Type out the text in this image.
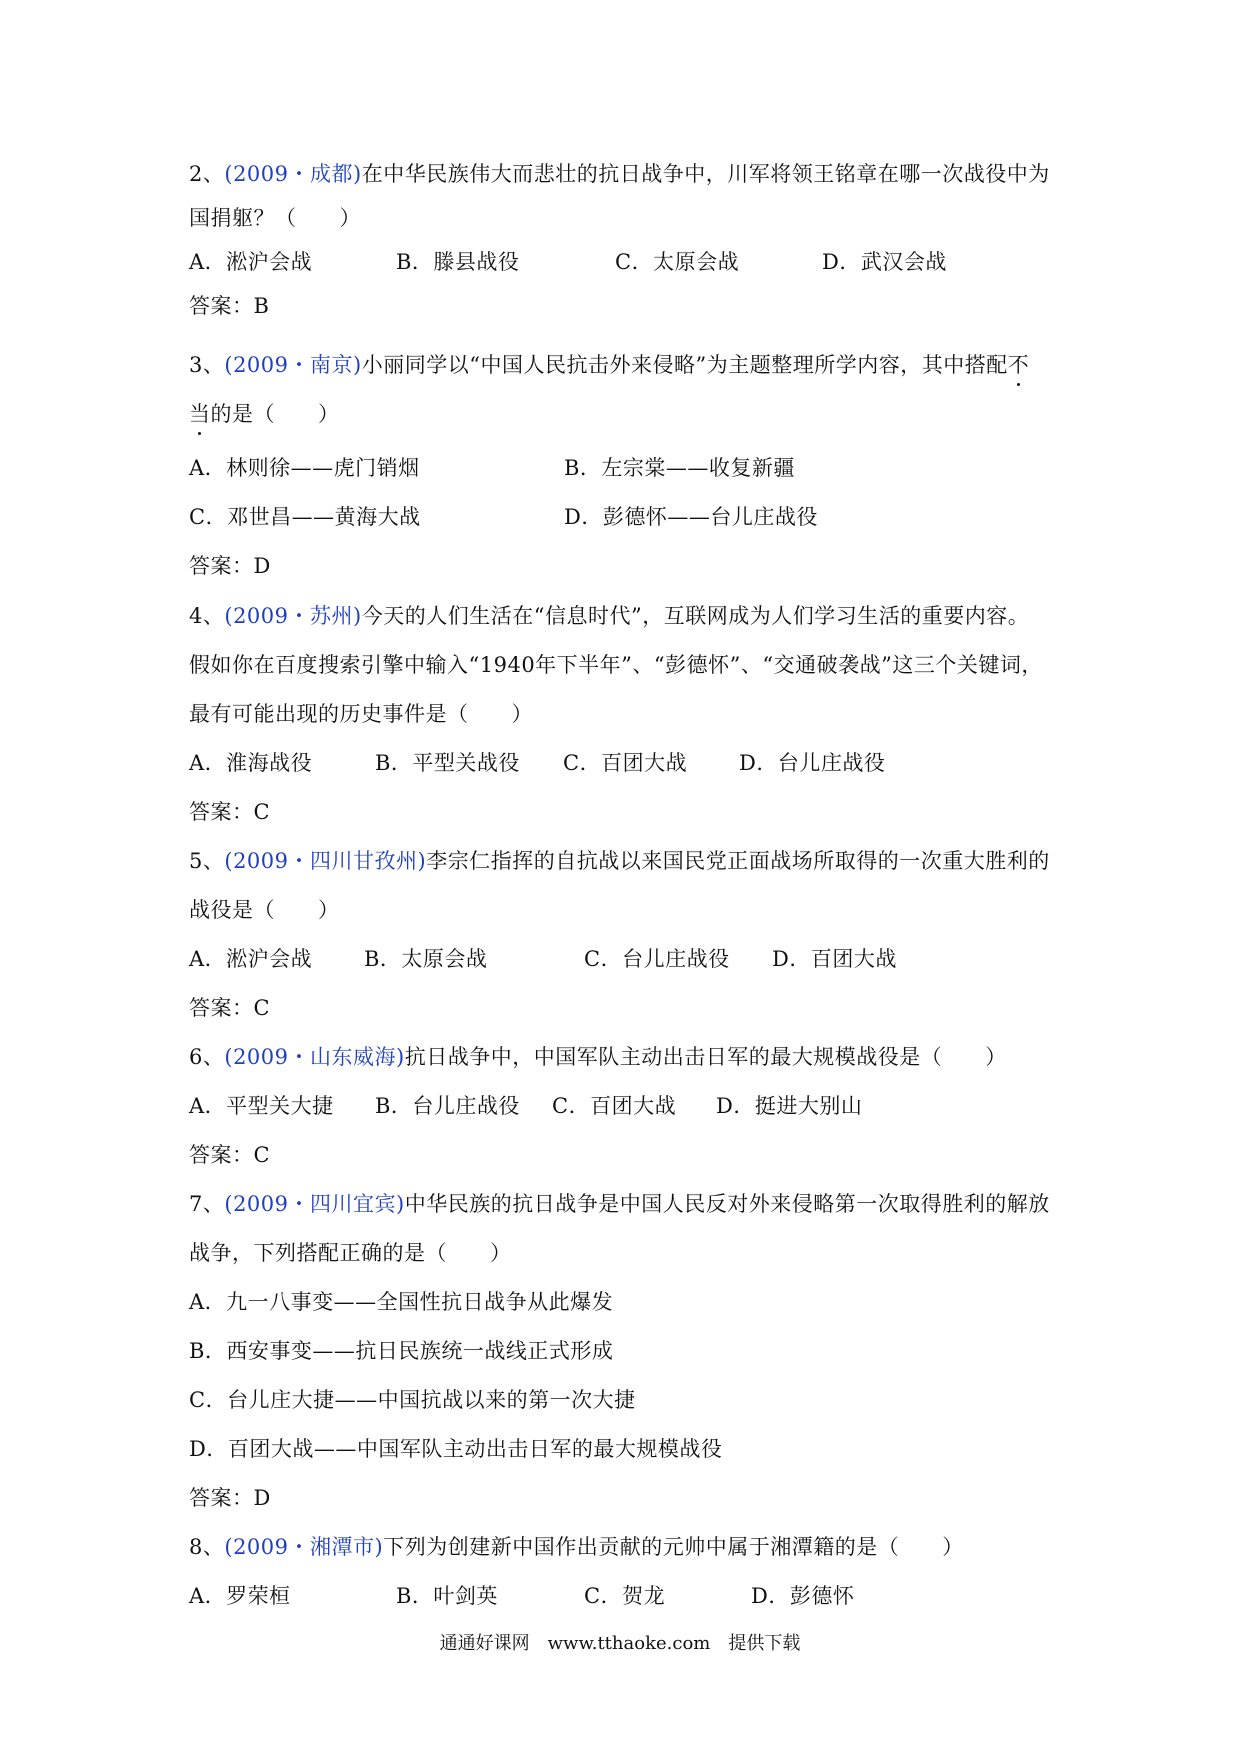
2、(2009・成都)在中华民族伟大而悲壮的抗日战争中，川军将领王铭章在哪一次战役中为
国捐躯？（　　）
A．淞沪会战	B．滕县战役	C．太原会战	D．武汉会战
答案：B
3、(2009・南京)小丽同学以“中国人民抗击外来侵略”为主题整理所学内容，其中搭配不
当的是（　　）
A．林则徐——虎门销烟	B．左宗棠——收复新疆
C．邓世昌——黄海大战	D．彭德怀——台儿庄战役
答案：D
4、(2009・苏州)今天的人们生活在“信息时代”，互联网成为人们学习生活的重要内容。
假如你在百度搜索引擎中输入“1940年下半年”、“彭德怀”、“交通破袭战”这三个关键词，
最有可能出现的历史事件是（　　）
A．淮海战役	B．平型关战役 C．百团大战 D．台儿庄战役
答案：C
5、(2009・四川甘孜州)李宗仁指挥的自抗战以来国民党正面战场所取得的一次重大胜利的
战役是（　　）
A．淞沪会战 B．太原会战	C．台儿庄战役 D．百团大战
答案：C
6、(2009・山东威海)抗日战争中，中国军队主动出击日军的最大规模战役是（　　）
A．平型关大捷 B．台儿庄战役 C．百团大战 D．挺进大别山
答案：C
7、(2009・四川宜宾)中华民族的抗日战争是中国人民反对外来侵略第一次取得胜利的解放
战争，下列搭配正确的是（　　）
A．九一八事变——全国性抗日战争从此爆发
B．西安事变——抗日民族统一战线正式形成
C．台儿庄大捷——中国抗战以来的第一次大捷
D．百团大战——中国军队主动出击日军的最大规模战役
答案：D
8、(2009・湘潭市)下列为创建新中国作出贡献的元帅中属于湘潭籍的是（　　）
A．罗荣桓	B．叶剑英	C．贺龙	D．彭德怀
通通好课网　www.tthaoke.com　提供下载
